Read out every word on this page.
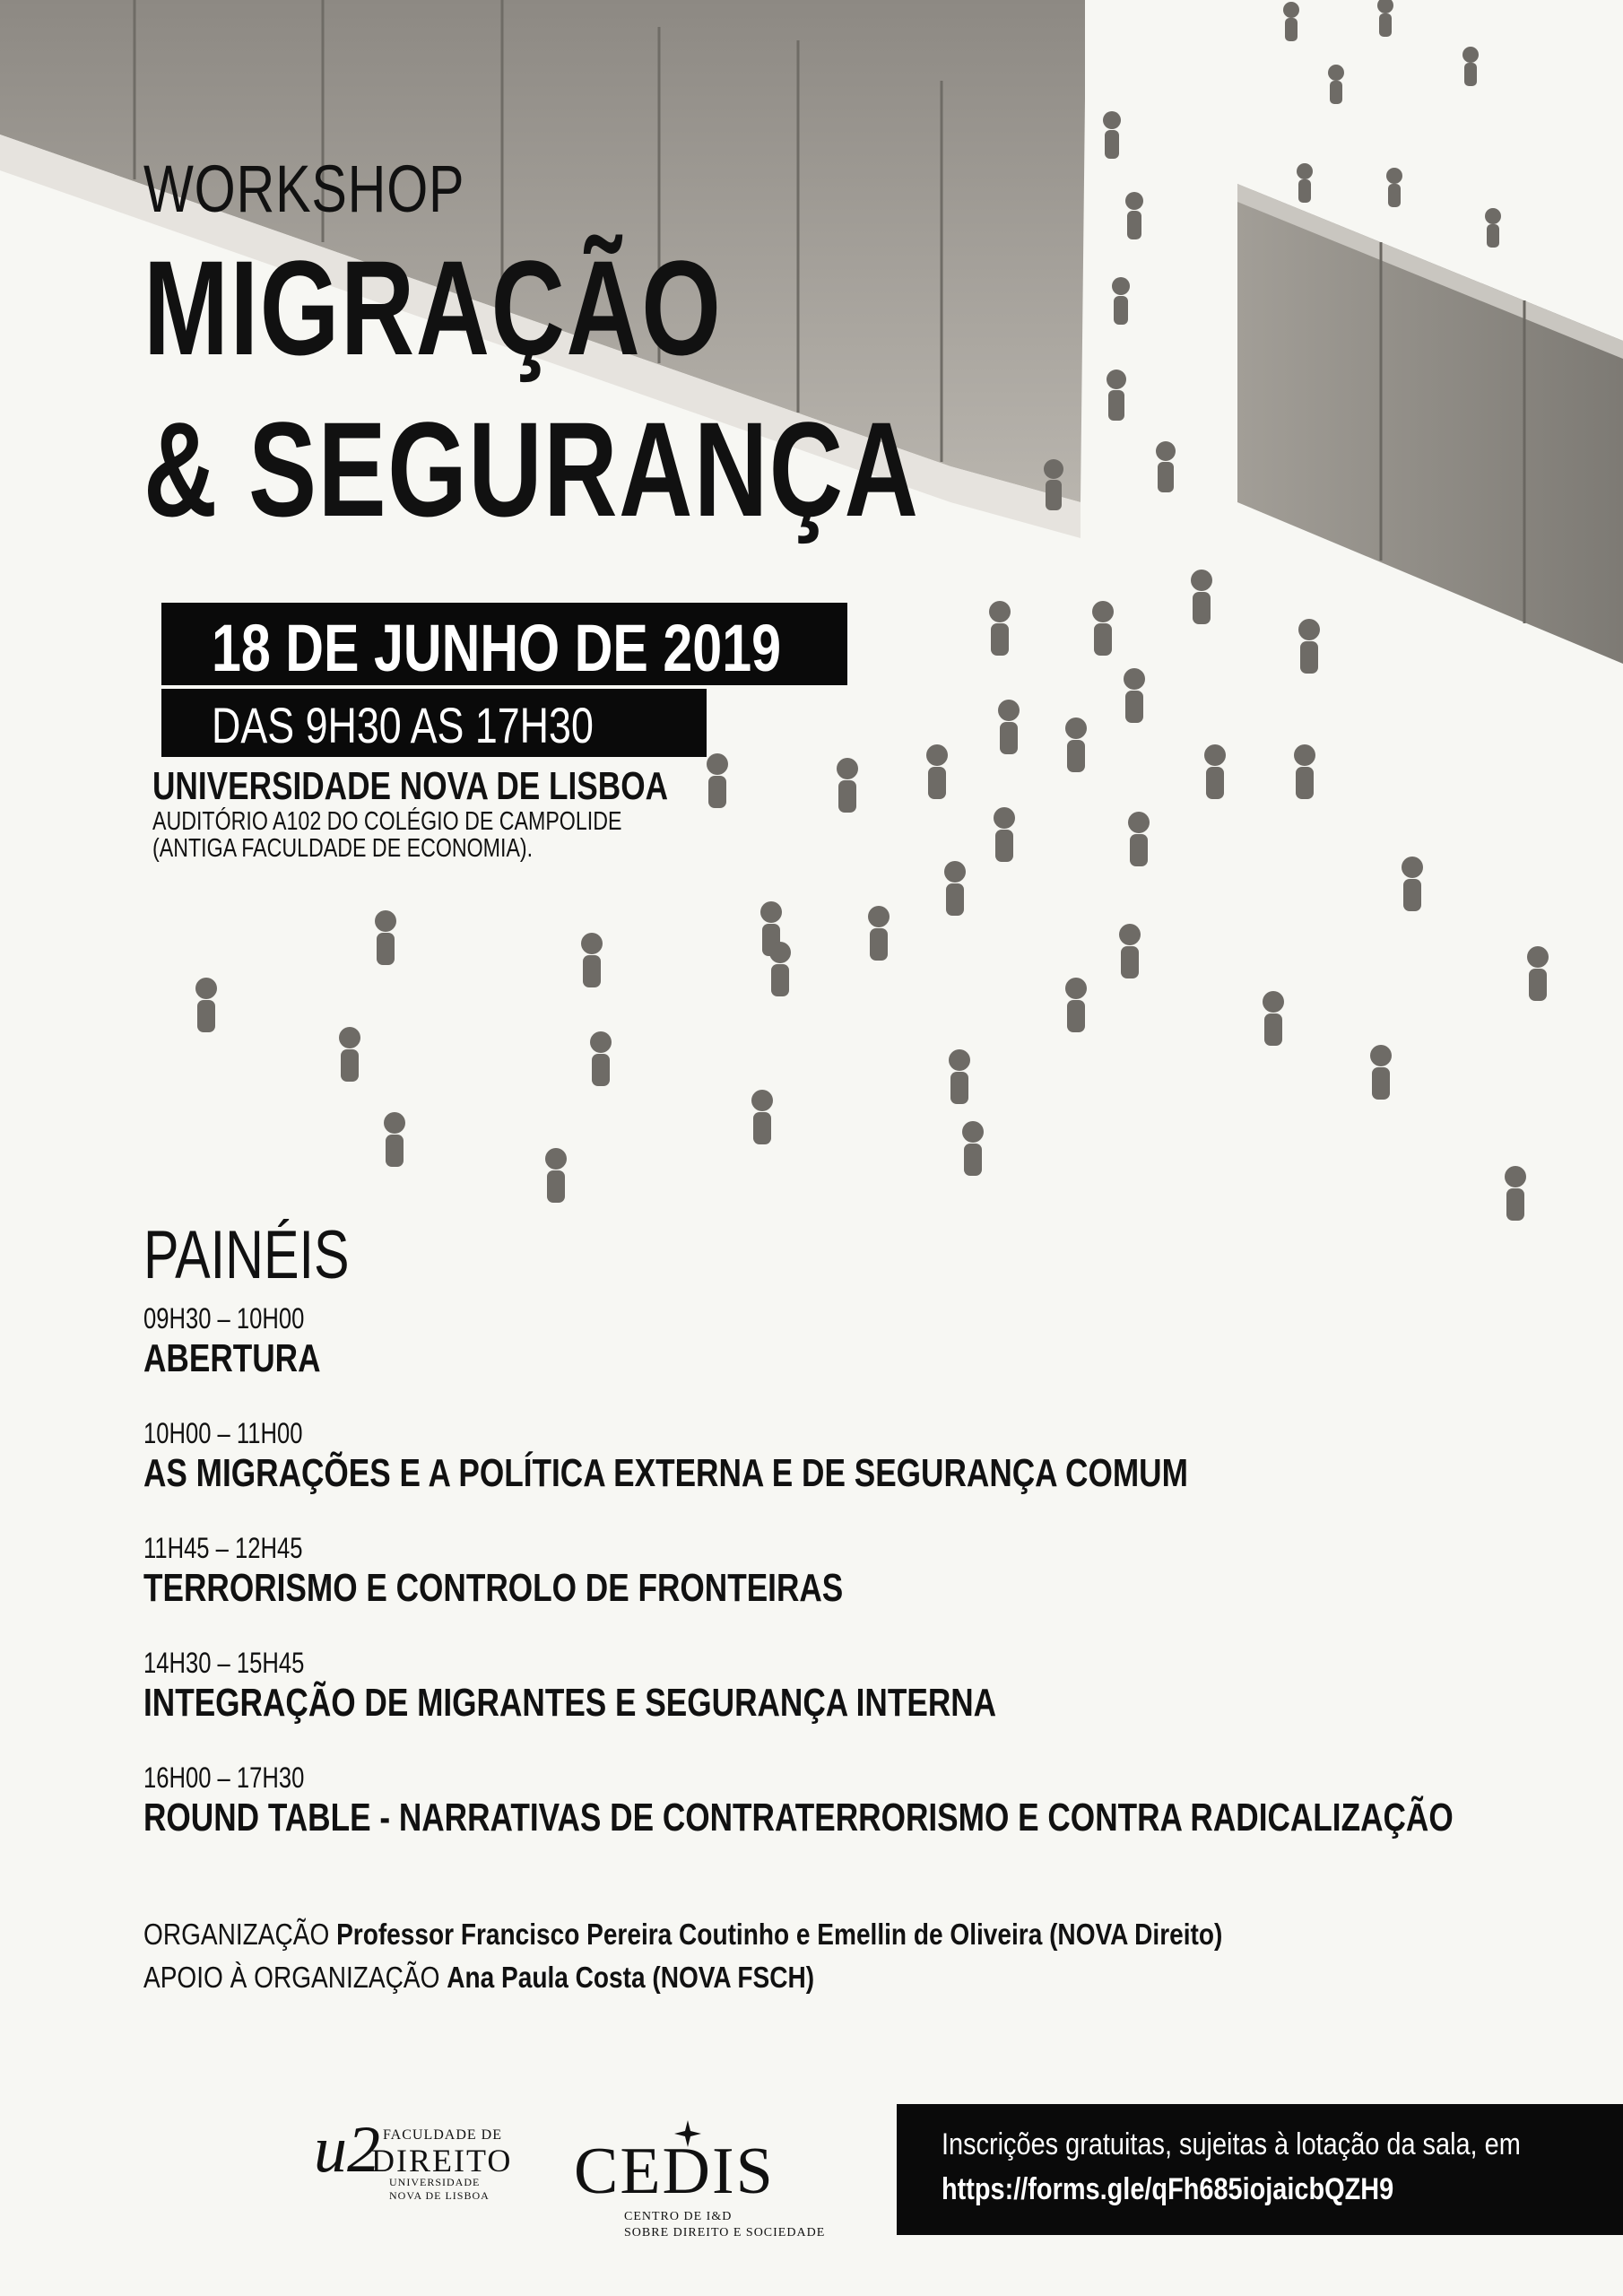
WORKSHOP
MIGRAÇÃO
& SEGURANÇA
18 DE JUNHO DE 2019
DAS 9H30 AS 17H30
UNIVERSIDADE NOVA DE LISBOA
AUDITÓRIO A102 DO COLÉGIO DE CAMPOLIDE
(ANTIGA FACULDADE DE ECONOMIA).
PAINÉIS
09H30 – 10H00
ABERTURA
10H00 – 11H00
AS MIGRAÇÕES E A POLÍTICA EXTERNA E DE SEGURANÇA COMUM
11H45 – 12H45
TERRORISMO E CONTROLO DE FRONTEIRAS
14H30 – 15H45
INTEGRAÇÃO DE MIGRANTES E SEGURANÇA INTERNA
16H00 – 17H30
ROUND TABLE - NARRATIVAS DE CONTRATERRORISMO E CONTRA RADICALIZAÇÃO
ORGANIZAÇÃO Professor Francisco Pereira Coutinho e Emellin de Oliveira (NOVA Direito)
APOIO À ORGANIZAÇÃO Ana Paula Costa (NOVA FSCH)
u2 FACULDADE DE
DIREITO
UNIVERSIDADE NOVA DE LISBOA	CEDIS
CENTRO DE I&D
SOBRE DIREITO E SOCIEDADE
Inscrições gratuitas, sujeitas à lotação da sala, em
https://forms.gle/qFh685iojaicbQZH9
